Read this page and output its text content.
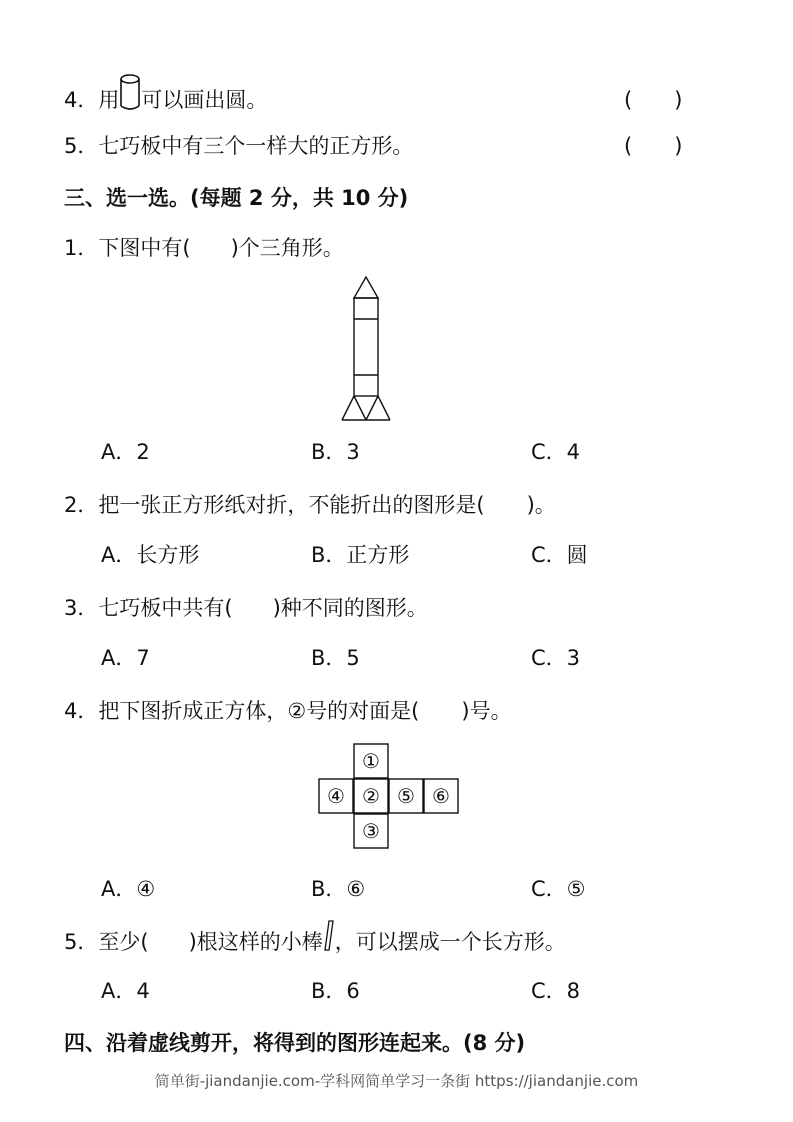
4．用 可以画出圆。	(　　)
5．七巧板中有三个一样大的正方形。	(　　)
三、选一选。(每题 2 分，共 10 分)
1．下图中有( )个三角形。
A．2	B．3	C．4
2．把一张正方形纸对折，不能折出的图形是( )。
A．长方形	B．正方形	C．圆
3．七巧板中共有( )种不同的图形。
A．7	B．5	C．3
4．把下图折成正方体，②号的对面是( )号。
①
④ ② ⑤ ⑥
③
A．④	B．⑥	C．⑤
5．至少( )根这样的小棒 ，可以摆成一个长方形。
A．4	B．6	C．8
四、沿着虚线剪开，将得到的图形连起来。(8 分)
简单街-jiandanjie.com-学科网简单学习一条街 https://jiandanjie.com
